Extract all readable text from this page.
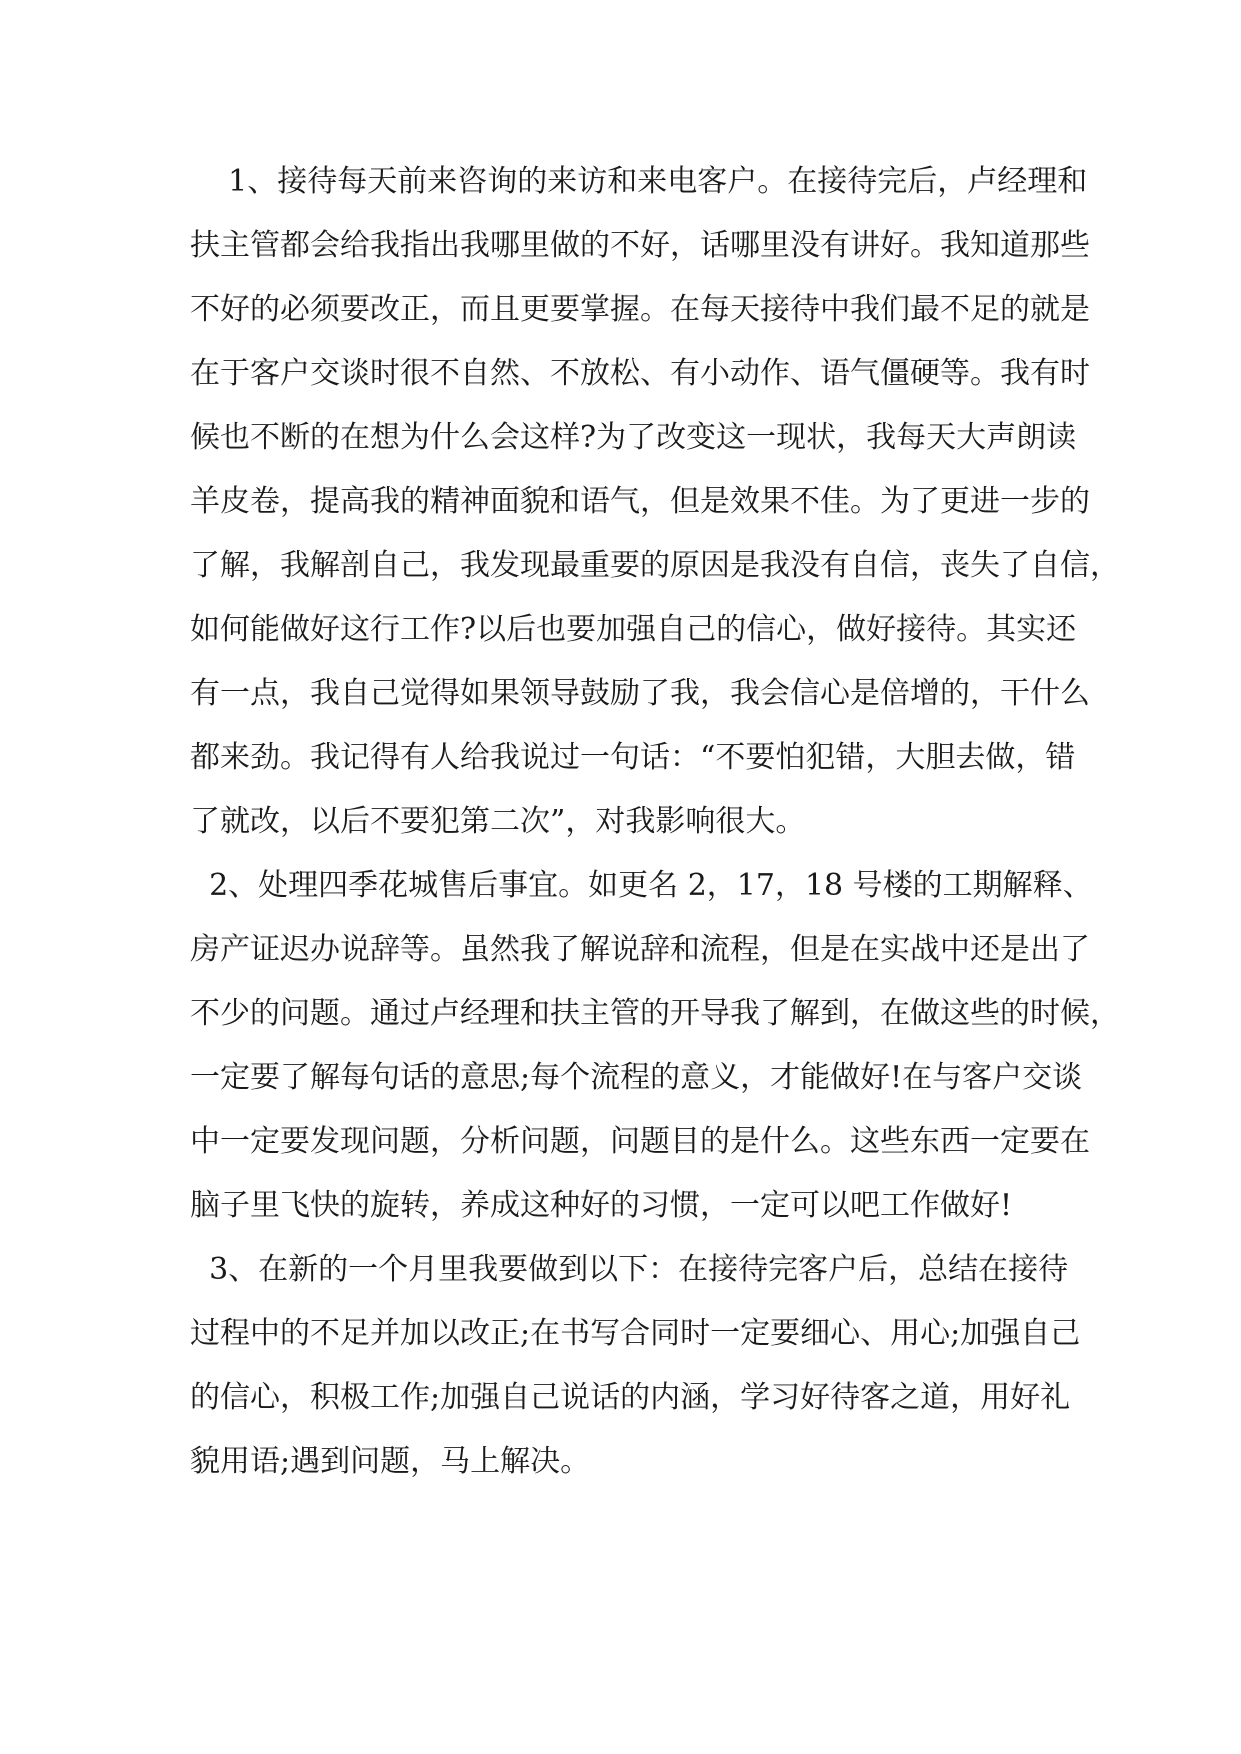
1、接待每天前来咨询的来访和来电客户。在接待完后，卢经理和
扶主管都会给我指出我哪里做的不好，话哪里没有讲好。我知道那些
不好的必须要改正，而且更要掌握。在每天接待中我们最不足的就是
在于客户交谈时很不自然、不放松、有小动作、语气僵硬等。我有时
候也不断的在想为什么会这样?为了改变这一现状，我每天大声朗读
羊皮卷，提高我的精神面貌和语气，但是效果不佳。为了更进一步的
了解，我解剖自己，我发现最重要的原因是我没有自信，丧失了自信，
如何能做好这行工作?以后也要加强自己的信心，做好接待。其实还
有一点，我自己觉得如果领导鼓励了我，我会信心是倍增的，干什么
都来劲。我记得有人给我说过一句话：“不要怕犯错，大胆去做，错
了就改，以后不要犯第二次”，对我影响很大。
2、处理四季花城售后事宜。如更名 2，17，18 号楼的工期解释、
房产证迟办说辞等。虽然我了解说辞和流程，但是在实战中还是出了
不少的问题。通过卢经理和扶主管的开导我了解到，在做这些的时候，
一定要了解每句话的意思;每个流程的意义，才能做好!在与客户交谈
中一定要发现问题，分析问题，问题目的是什么。这些东西一定要在
脑子里飞快的旋转，养成这种好的习惯，一定可以吧工作做好!
3、在新的一个月里我要做到以下：在接待完客户后，总结在接待
过程中的不足并加以改正;在书写合同时一定要细心、用心;加强自己
的信心，积极工作;加强自己说话的内涵，学习好待客之道，用好礼
貌用语;遇到问题，马上解决。
